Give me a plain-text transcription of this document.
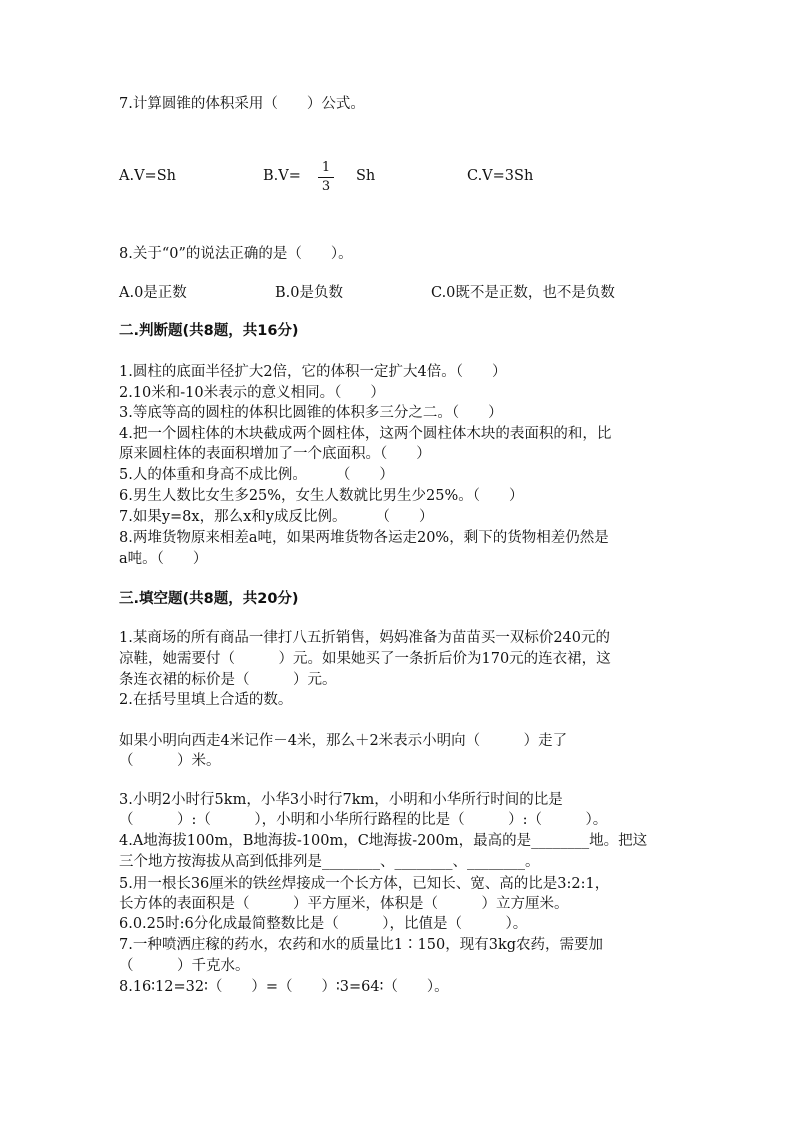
7.计算圆锥的体积采用（　　）公式。
A.V=Sh	B.V=
1
3
Sh	C.V=3Sh
8.关于“0”的说法正确的是（　　）。
A.0是正数	B.0是负数	C.0既不是正数，也不是负数
二.判断题(共8题，共16分)
1.圆柱的底面半径扩大2倍，它的体积一定扩大4倍。（　　）
2.10米和-10米表示的意义相同。（　　）
3.等底等高的圆柱的体积比圆锥的体积多三分之二。（　　）
4.把一个圆柱体的木块截成两个圆柱体，这两个圆柱体木块的表面积的和，比
原来圆柱体的表面积增加了一个底面积。（　　）
5.人的体重和身高不成比例。　　　（　　）
6.男生人数比女生多25%，女生人数就比男生少25%。（　　）
7.如果y=8x，那么x和y成反比例。　　　（　　）
8.两堆货物原来相差a吨，如果两堆货物各运走20%，剩下的货物相差仍然是
a吨。（　　）
三.填空题(共8题，共20分)
1.某商场的所有商品一律打八五折销售，妈妈准备为苗苗买一双标价240元的
凉鞋，她需要付（　　　）元。如果她买了一条折后价为170元的连衣裙，这
条连衣裙的标价是（　　　）元。
2.在括号里填上合适的数。
如果小明向西走4米记作－4米，那么＋2米表示小明向（　　　）走了
（　　　）米。
3.小明2小时行5km，小华3小时行7km，小明和小华所行时间的比是
（　　　）:（　　　），小明和小华所行路程的比是（　　　）:（　　　）。
4.A地海拔100m，B地海拔-100m，C地海拔-200m，最高的是________地。把这
三个地方按海拔从高到低排列是________、________、________。
5.用一根长36厘米的铁丝焊接成一个长方体，已知长、宽、高的比是3:2:1，
长方体的表面积是（　　　）平方厘米，体积是（　　　）立方厘米。
6.0.25时:6分化成最简整数比是（　　　），比值是（　　　）。
7.一种喷洒庄稼的药水，农药和水的质量比1∶150，现有3kg农药，需要加
（　　　）千克水。
8.16∶12=32∶（　　）=（　　）∶3=64∶（　　）。
